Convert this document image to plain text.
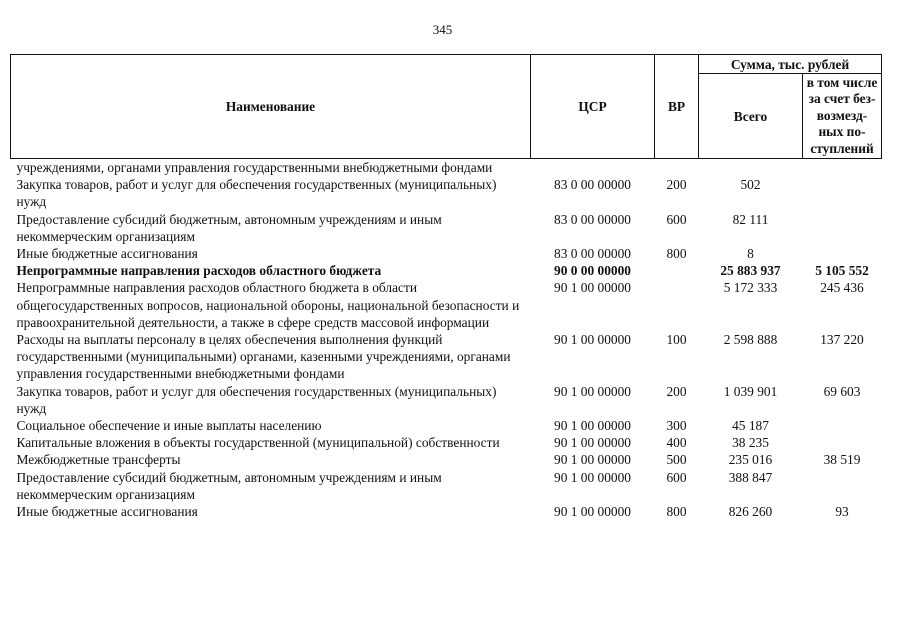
345
Наименование	ЦСР	ВР	Сумма, тыс. рублей	
			Всего	в том числе
за счет без-
возмезд-
ных по-
ступлений
учреждениями, органами управления государственными внебюджетными фондами				
Закупка товаров, работ и услуг для обеспечения государственных (муниципальных) нужд	83 0 00 00000	200	502	
Предоставление субсидий бюджетным, автономным учреждениям и иным некоммерческим организациям	83 0 00 00000	600	82 111	
Иные бюджетные ассигнования	83 0 00 00000	800	8	
Непрограммные направления расходов областного бюджета	90 0 00 00000		25 883 937	5 105 552
Непрограммные направления расходов областного бюджета в области общегосударственных вопросов, национальной обороны, национальной безопасности и правоохранительной деятельности, а также в сфере средств массовой информации	90 1 00 00000		5 172 333	245 436
Расходы на выплаты персоналу в целях обеспечения выполнения функций государственными (муниципальными) органами, казенными учреждениями, органами управления государственными внебюджетными фондами	90 1 00 00000	100	2 598 888	137 220
Закупка товаров, работ и услуг для обеспечения государственных (муниципальных) нужд	90 1 00 00000	200	1 039 901	69 603
Социальное обеспечение и иные выплаты населению	90 1 00 00000	300	45 187	
Капитальные вложения в объекты государственной (муниципальной) собственности	90 1 00 00000	400	38 235	
Межбюджетные трансферты	90 1 00 00000	500	235 016	38 519
Предоставление субсидий бюджетным, автономным учреждениям и иным некоммерческим организациям	90 1 00 00000	600	388 847	
Иные бюджетные ассигнования	90 1 00 00000	800	826 260	93
